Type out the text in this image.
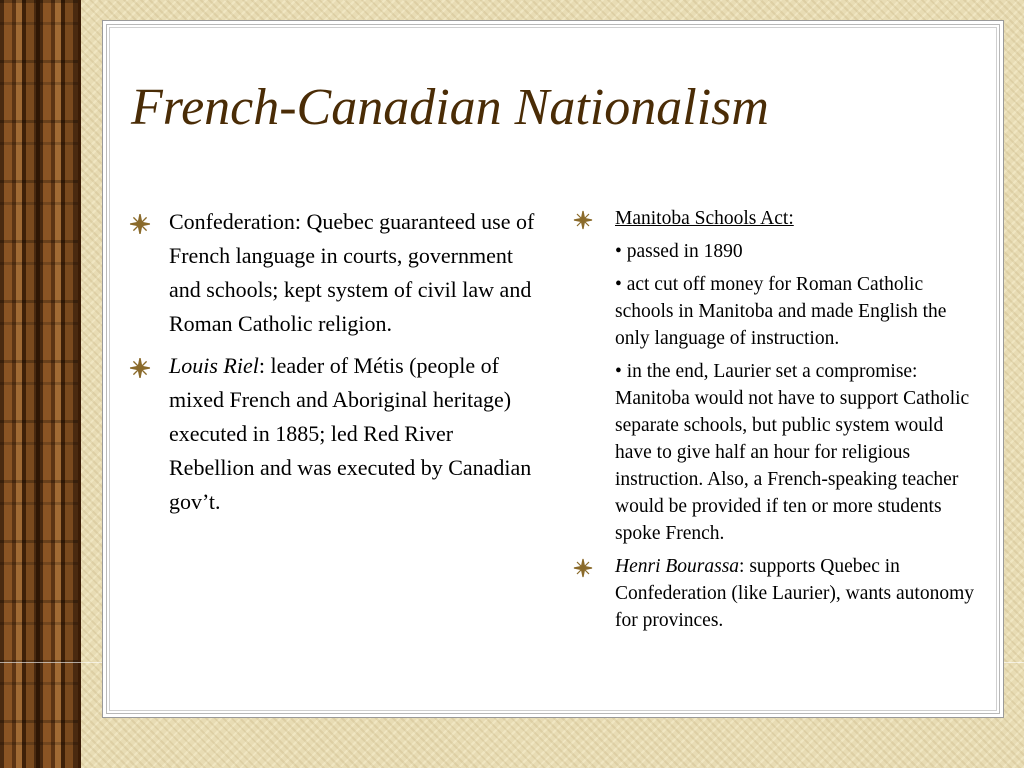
French-Canadian Nationalism
Confederation: Quebec guaranteed use of French language in courts, government and schools; kept system of civil law and Roman Catholic religion.
Louis Riel: leader of Métis (people of mixed French and Aboriginal heritage) executed in 1885; led Red River Rebellion and was executed by Canadian gov’t.
Manitoba Schools Act:
• passed in 1890
• act cut off money for Roman Catholic schools in Manitoba and made English the only language of instruction.
• in the end, Laurier set a compromise: Manitoba would not have to support Catholic separate schools, but public system would have to give half an hour for religious instruction. Also, a French-speaking teacher would be provided if ten or more students spoke French.
Henri Bourassa: supports Quebec in Confederation (like Laurier), wants autonomy for provinces.
